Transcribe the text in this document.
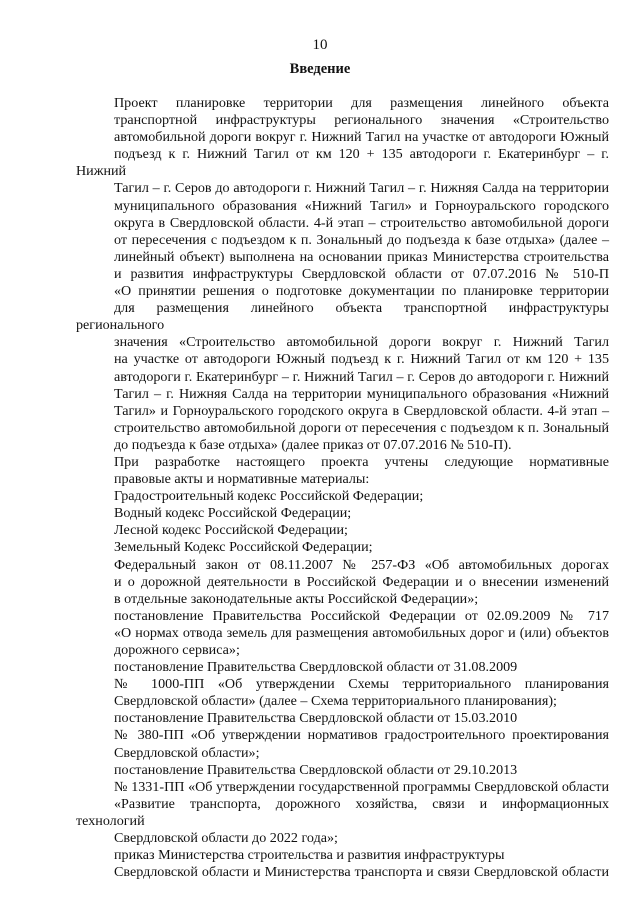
10
Введение
Проект планировке территории для размещения линейного объекта
транспортной инфраструктуры регионального значения «Строительство
автомобильной дороги вокруг г. Нижний Тагил на участке от автодороги Южный
подъезд к г. Нижний Тагил от км 120 + 135 автодороги г. Екатеринбург – г. Нижний
Тагил – г. Серов до автодороги г. Нижний Тагил – г. Нижняя Салда на территории
муниципального образования «Нижний Тагил» и Горноуральского городского
округа в Свердловской области. 4-й этап – строительство автомобильной дороги
от пересечения с подъездом к п. Зональный до подъезда к базе отдыха» (далее –
линейный объект) выполнена на основании приказ Министерства строительства
и развития инфраструктуры Свердловской области от 07.07.2016 № 510-П
«О принятии решения о подготовке документации по планировке территории
для размещения линейного объекта транспортной инфраструктуры регионального
значения «Строительство автомобильной дороги вокруг г. Нижний Тагил
на участке от автодороги Южный подъезд к г. Нижний Тагил от км 120 + 135
автодороги г. Екатеринбург – г. Нижний Тагил – г. Серов до автодороги г. Нижний
Тагил – г. Нижняя Салда на территории муниципального образования «Нижний
Тагил» и Горноуральского городского округа в Свердловской области. 4-й этап –
строительство автомобильной дороги от пересечения с подъездом к п. Зональный
до подъезда к базе отдыха» (далее приказ от 07.07.2016 № 510-П).
При разработке настоящего проекта учтены следующие нормативные
правовые акты и нормативные материалы:
Градостроительный кодекс Российской Федерации;
Водный кодекс Российской Федерации;
Лесной кодекс Российской Федерации;
Земельный Кодекс Российской Федерации;
Федеральный закон от 08.11.2007 № 257-ФЗ «Об автомобильных дорогах
и о дорожной деятельности в Российской Федерации и о внесении изменений
в отдельные законодательные акты Российской Федерации»;
постановление Правительства Российской Федерации от 02.09.2009 № 717
«О нормах отвода земель для размещения автомобильных дорог и (или) объектов
дорожного сервиса»;
постановление Правительства Свердловской области от 31.08.2009
№ 1000-ПП «Об утверждении Схемы территориального планирования
Свердловской области» (далее – Схема территориального планирования);
постановление Правительства Свердловской области от 15.03.2010
№ 380-ПП «Об утверждении нормативов градостроительного проектирования
Свердловской области»;
постановление Правительства Свердловской области от 29.10.2013
№ 1331-ПП «Об утверждении государственной программы Свердловской области
«Развитие транспорта, дорожного хозяйства, связи и информационных технологий
Свердловской области до 2022 года»;
приказ Министерства строительства и развития инфраструктуры
Свердловской области и Министерства транспорта и связи Свердловской области
